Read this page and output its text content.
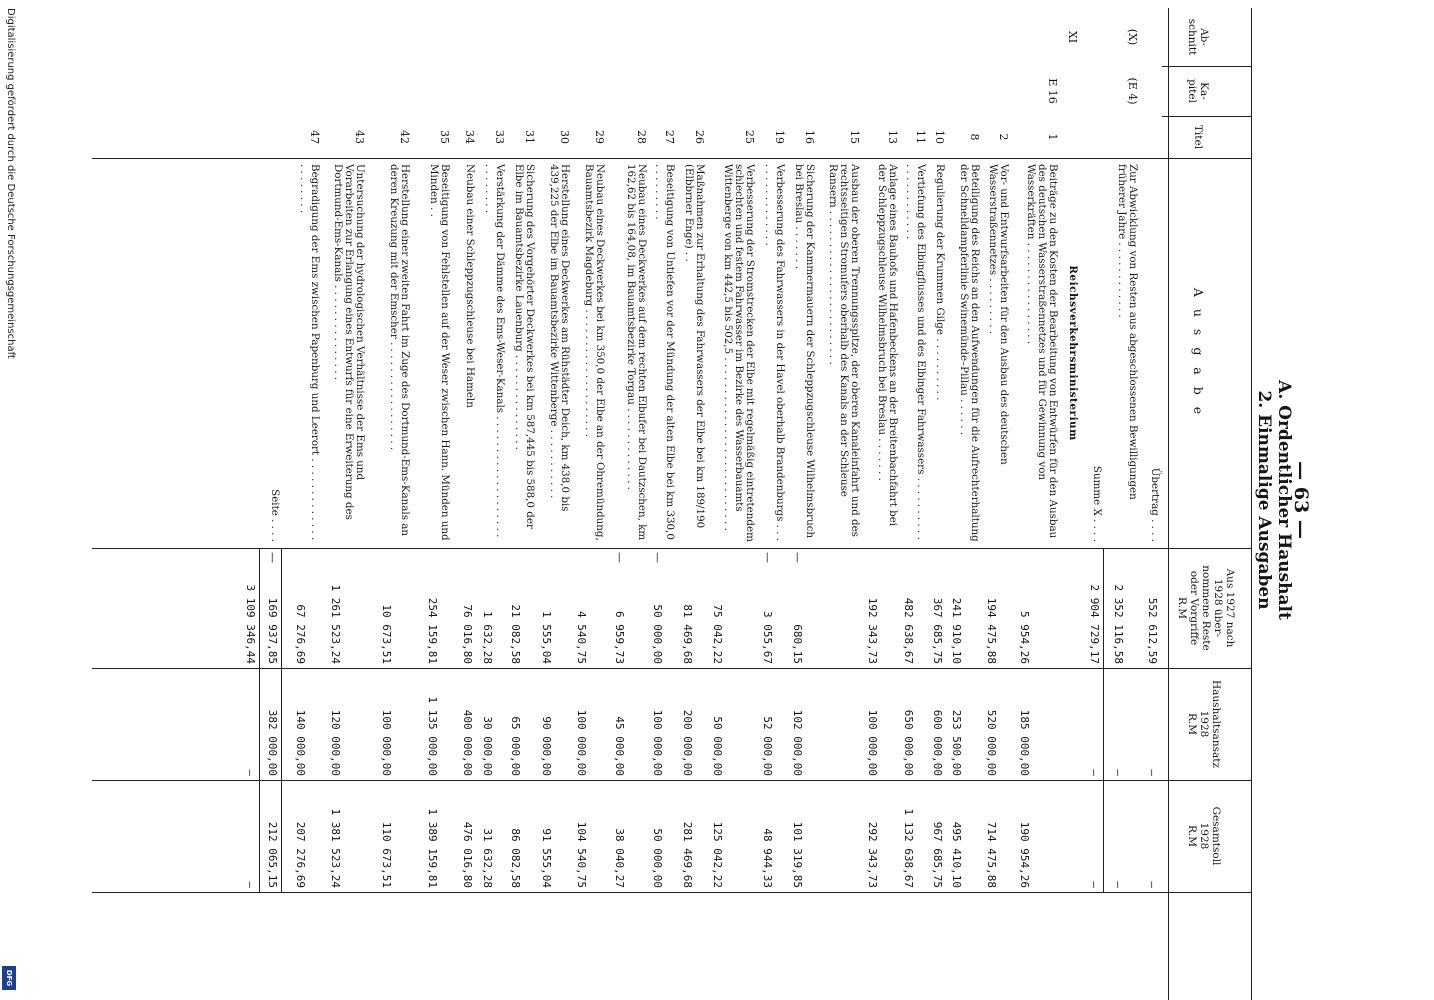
— 63 —
A. Ordentlicher Haushalt
2. Einmalige Ausgaben
Ab-
schnitt
Ka-
pitel
Titel
A u s g a b e
Aus 1927 nach
1928 über-
nommene Reste
oder Vorgriffe
R.M
Haushaltsansatz
1928
R.M
Gesamtsoll
1928
R.M
Übertrag . . . .
552 612,59
—
—
(X)
(E 4)
Zur Abwicklung von Resten aus abgeschlossenen Bewilligungen früherer Jahre . . . . . . . . . . . .
2 352 116,58
—
—
Summe X . . . .
2 904 729,17
—
—
XI
Reichsverkehrsministerium
E 16
1
Beiträge zu den Kosten der Bearbeitung von Entwürfen für den Ausbau des deutschen Wasserstraßennetzes und für Gewinnung von Wasserkräften . . . . . . . . . . . . . . . .
5 954,26
185 000,00
190 954,26
2
Vor- und Entwurfsarbeiten für den Ausbau des deutschen Wasserstraßennetzes . . . . . . . . .
194 475,88
520 000,00
714 475,88
8
Beteiligung des Reichs an den Aufwendungen für die Aufrechterhaltung der Schnelldampferlinie Swinemünde–Pillau . . . . . .
241 910,10
253 500,00
495 410,10
10
Regulierung der Krummen Gilge . . . . . . . . . .
367 685,75
600 000,00
967 685,75
11
Vertiefung des Elbingflusses und des Elbinger Fahrwassers . . . . . . . . . . . . . . . . . . . . . .
482 638,67
650 000,00
1 132 638,67
13
Anlage eines Bauhofs und Hafenbeckens an der Breitenbachfahrt bei der Schleppzugschleuse Wilhelmsbruch bei Breslau . . . . . . .
192 343,73
100 000,00
292 343,73
15
Ausbau der oberen Trennungsspitze, der oberen Kanaleinfahrt und des rechtsseitigen Stromufers oberhalb des Kanals an der Schleuse Ransern . . . . . . . . . . . . . . . . . . . . . . . .
16
Sicherung der Kammermauern der Schleppzugschleuse Wilhelmsbruch bei Breslau . . . . . . .
—
680,15
102 000,00
101 319,85
19
Verbesserung des Fahrwassers in der Havel oberhalb Brandenburgs . . . . . . . . . . . . . . . .
—
3 055,67
52 000,00
48 944,33
25
Verbesserung der Stromstrecken der Elbe mit regelmäßig eintretendem schlechten und festem Fahrwasser im Bezirke des Wasserbauamts Wittenberge von km 442,5 bis 502,5 . . . . . . . . . . . . . . . . . . . . . . . . . . .
75 042,22
50 000,00
125 042,22
26
Maßnahmen zur Erhaltung des Fahrwassers der Elbe bei km 189/190 (Elbbrner Enge) . .
81 469,68
200 000,00
281 469,68
27
Beseitigung von Untiefen vor der Mündung der alten Elbe bei km 330,0 . . . . . . . . .
—
50 000,00
100 000,00
50 000,00
28
Neubau eines Deckwerkes auf dem rechten Elbufer bei Dautzschen, km 162,62 bis 164,08, im Bauamtsbezirke Torgau . . . . . . . . . . . . .
—
6 959,73
45 000,00
38 040,27
29
Neubau eines Deckwerkes bei km 350,0 der Elbe an der Ohremündung, Bauamtsbezirk Magdeburg . . . . . . . . . . . . . . . . . . . .
4 540,75
100 000,00
104 540,75
30
Herstellung eines Deckwerkes am Rühstädter Deich, km 438,0 bis 439,225 der Elbe im Bauamtsbezirke Wittenberge . . . . . . . . . . .
1 555,04
90 000,00
91 555,04
31
Sicherung des Vorgehörter Deckwerkes bei km 587,445 bis 588,0 der Elbe im Bauamtsbezirke Lauenburg . . . . . . . . . . . . . . .
21 082,58
65 000,00
86 082,58
33
Verstärkung der Dämme des Ems-Weser-Kanals . . . . . . . . . . . . . . . . . . . . . . . . . . .
1 632,28
30 000,00
31 632,28
34
Neubau einer Schleppzugschleuse bei Hameln
76 016,80
400 000,00
476 016,80
35
Beseitigung von Fehlstellen auf der Weser zwischen Hann. Münden und Minden . .
254 159,81
1 135 000,00
1 389 159,81
42
Herstellung einer zweiten Fahrt im Zuge des Dortmund-Ems-Kanals an deren Kreuzung mit der Emscher . . . . . . . . . . . . . . . . .
10 673,51
100 000,00
110 673,51
43
Untersuchung der hydrologischen Verhältnisse der Ems und Vorarbeiten zur Erlangung eines Entwurfs für eine Erweiterung des Dortmund-Ems-Kanals . . . . . . . . . . . . . . .
1 261 523,24
120 000,00
1 381 523,24
47
Begradigung der Ems zwischen Papenburg und Leerort . . . . . . . . . . . . . . . . . . . . .
67 276,69
140 000,00
207 276,69
Seite . . . .
—
169 937,85
382 000,00
212 065,15
3 109 346,44
—
—
Digitalisierung gefördert durch die Deutsche Forschungsgemeinschaft
DFG
